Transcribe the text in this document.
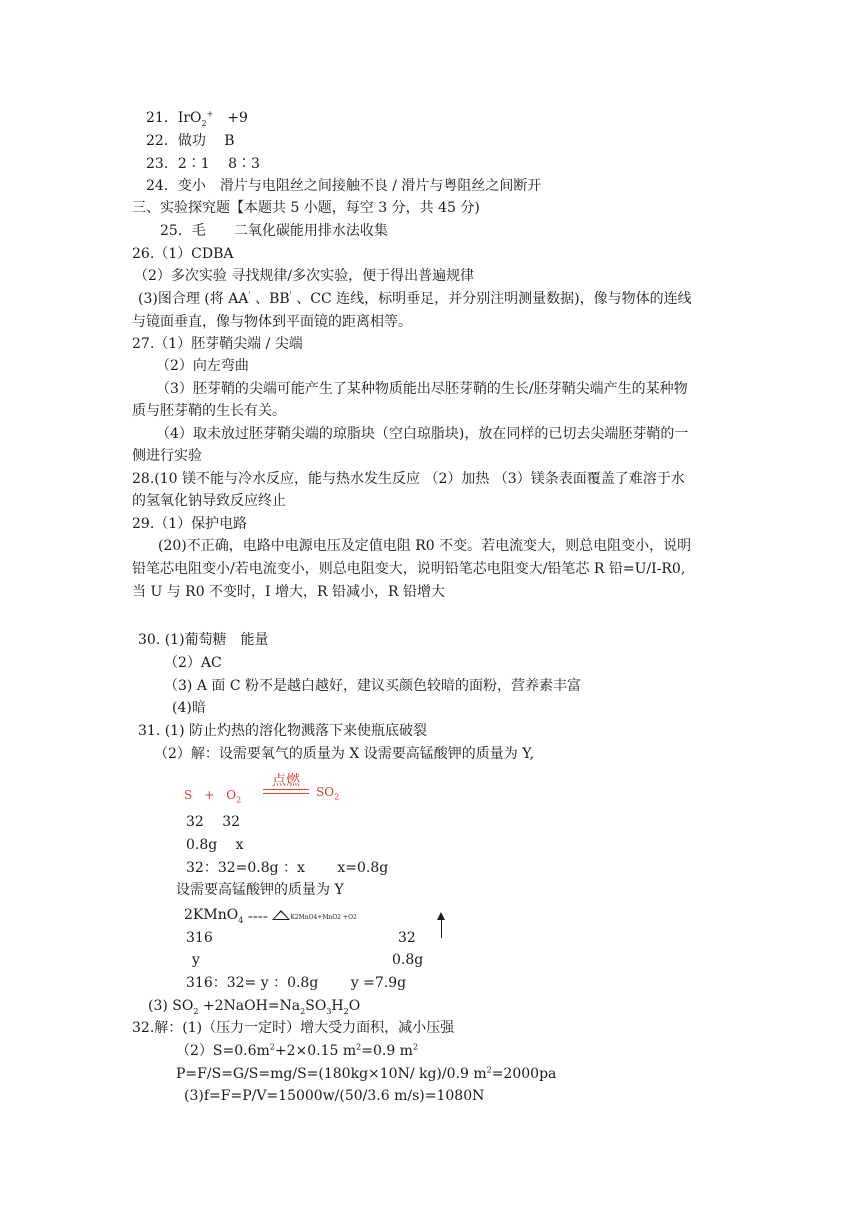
21．IrO$_2$+　+9
22．做功　 B
23．2∶1　 8∶3
24．变小　滑片与电阻丝之间接触不良 / 滑片与粤阻丝之间断开
三、实验探究题【本题共 5 小题，每空 3 分，共 45 分)
25．毛　　二氧化碳能用排水法收集
26.（1）CDBA
（2）多次实验 寻找规律/多次实验，便于得出普遍规律
(3)图合理 (将 AA' 、BB' 、CC 连线，标明垂足，并分别注明测量数据)，像与物体的连线
与镜面垂直，像与物体到平面镜的距离相等。
27.（1）胚芽鞘尖端 / 尖端
（2）向左弯曲
（3）胚芽鞘的尖端可能产生了某种物质能出尽胚芽鞘的生长/胚芽鞘尖端产生的某种物
质与胚芽鞘的生长有关。
（4）取未放过胚芽鞘尖端的琼脂块（空白琼脂块)，放在同样的已切去尖端胚芽鞘的一
侧进行实验
28.(10 镁不能与冷水反应，能与热水发生反应 （2）加热 （3）镁条表面覆盖了难溶于水
的氢氧化钠导致反应终止
29.（1）保护电路
(20)不正确，电路中电源电压及定值电阻 R0 不变。若电流变大，则总电阻变小，说明
铅笔芯电阻变小/若电流变小，则总电阻变大，说明铅笔芯电阻变大/铅笔芯 R 铅=U/I-R0,
当 U 与 R0 不变时，I 增大，R 铅减小，R 铅增大
30. (1)葡萄糖　能量
（2）AC
（3) A 面 C 粉不是越白越好，建议买颜色较暗的面粉，营养素丰富
(4)暗
31. (1) 防止灼热的溶化物溅落下来使瓶底破裂
（2）解：设需要氧气的质量为 X 设需要高锰酸钾的质量为 Y,
点燃
S　+　$O_2$
$SO_2$
32　 32
0.8g　 x
32：32=0.8g ：x　　 x=0.8g
设需要高锰酸钾的质量为 Y
2KMnO$_4$ ====	K2MnO4+MnO2 +O2
316	32
y	0.8g
316：32= y ：0.8g　　 y =7.9g
(3) $SO_2$ $+2NaOH=Na_2SO_3H_2O$
32.解：(1)（压力一定时）增大受力面积，减小压强
$(2)S=0.6m^2+2\times 0.15$ $m^2=0.9$ $m^2$
P=F/S=G/S=mg/S=(180kg×10N/ kg)/0.9 $m^2=2000pa$
(3)f=F=P/V=15000w/(50/3.6 m/s)=1080N
